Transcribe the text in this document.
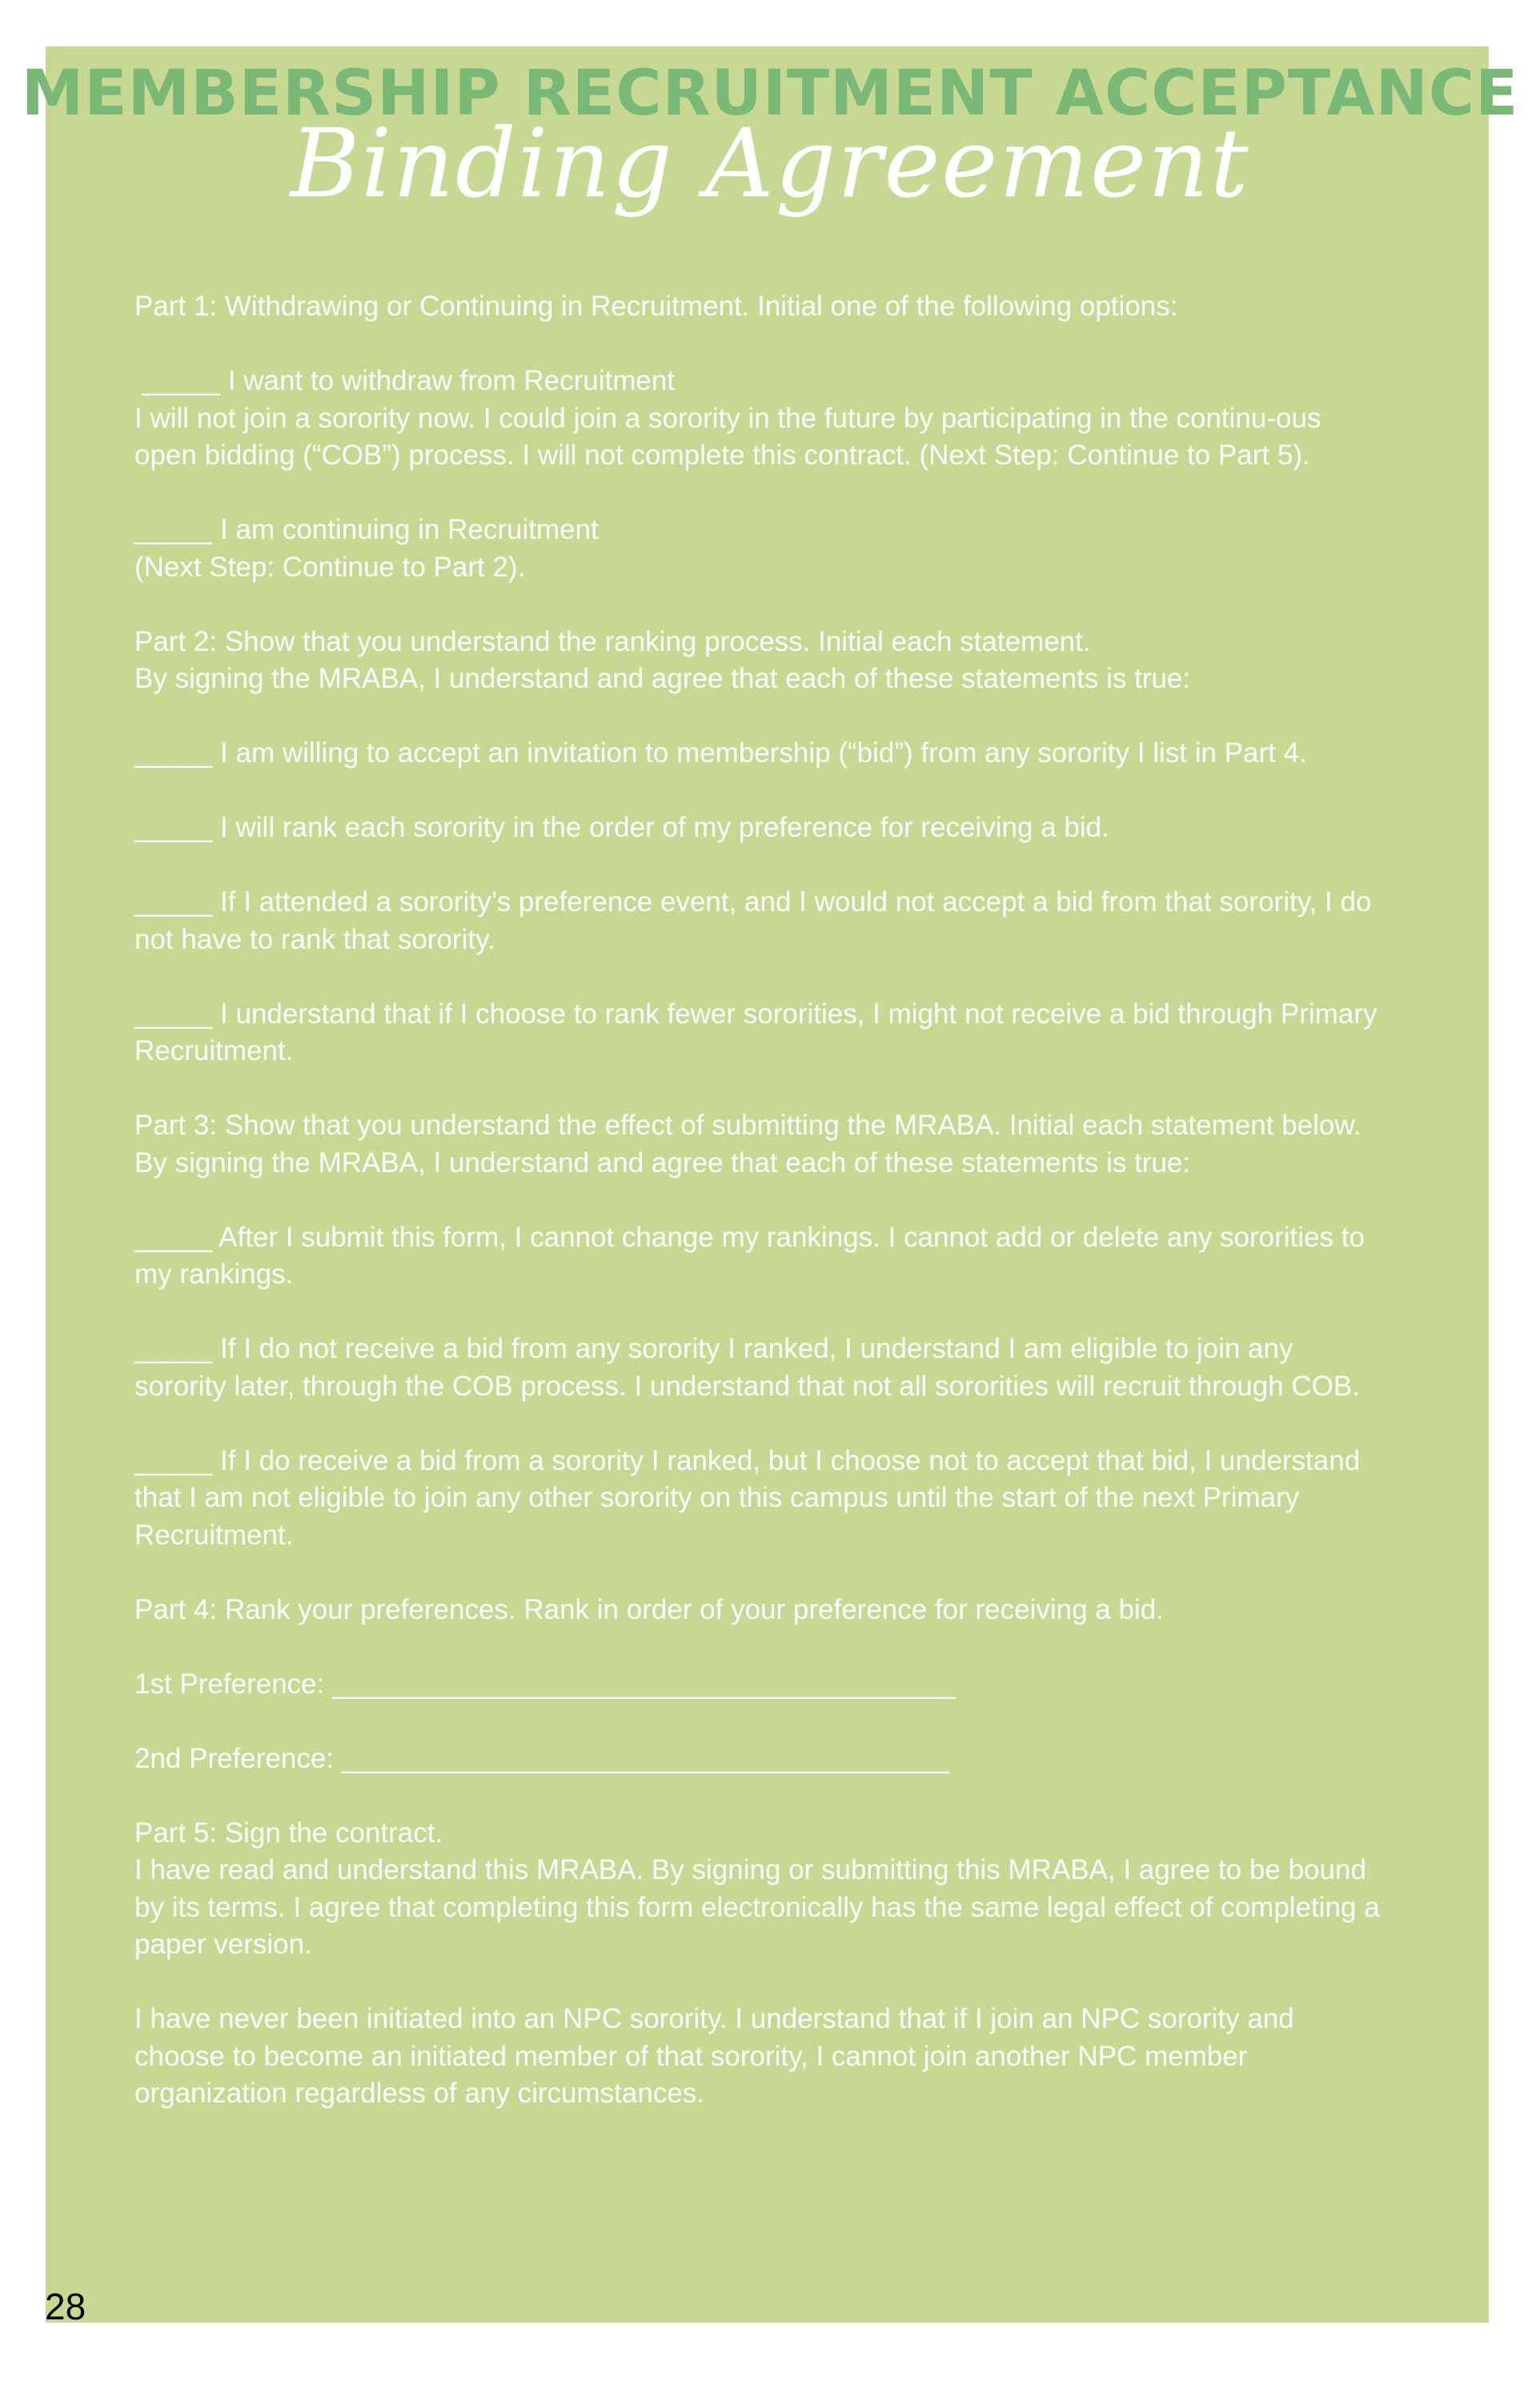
MEMBERSHIP RECRUITMENT ACCEPTANCE
Binding Agreement

Part 1: Withdrawing or Continuing in Recruitment. Initial one of the following options:

_____ I want to withdraw from Recruitment
I will not join a sorority now. I could join a sorority in the future by participating in the continu-ous open bidding (“COB”) process. I will not complete this contract. (Next Step: Continue to Part 5).

_____ I am continuing in Recruitment
(Next Step: Continue to Part 2).

Part 2: Show that you understand the ranking process. Initial each statement.
By signing the MRABA, I understand and agree that each of these statements is true:

_____ I am willing to accept an invitation to membership (“bid”) from any sorority I list in Part 4.

_____ I will rank each sorority in the order of my preference for receiving a bid.

_____ If I attended a sorority’s preference event, and I would not accept a bid from that sorority, I do not have to rank that sorority.

_____ I understand that if I choose to rank fewer sororities, I might not receive a bid through Primary Recruitment.

Part 3: Show that you understand the effect of submitting the MRABA. Initial each statement below. By signing the MRABA, I understand and agree that each of these statements is true:

_____ After I submit this form, I cannot change my rankings. I cannot add or delete any sororities to my rankings.

_____ If I do not receive a bid from any sorority I ranked, I understand I am eligible to join any sorority later, through the COB process. I understand that not all sororities will recruit through COB.

_____ If I do receive a bid from a sorority I ranked, but I choose not to accept that bid, I understand that I am not eligible to join any other sorority on this campus until the start of the next Primary Recruitment.

Part 4: Rank your preferences. Rank in order of your preference for receiving a bid.

1st Preference: ________________________________________

2nd Preference: _______________________________________

Part 5: Sign the contract.
I have read and understand this MRABA. By signing or submitting this MRABA, I agree to be bound by its terms. I agree that completing this form electronically has the same legal effect of completing a paper version.

I have never been initiated into an NPC sorority. I understand that if I join an NPC sorority and choose to become an initiated member of that sorority, I cannot join another NPC member organization regardless of any circumstances.

28
